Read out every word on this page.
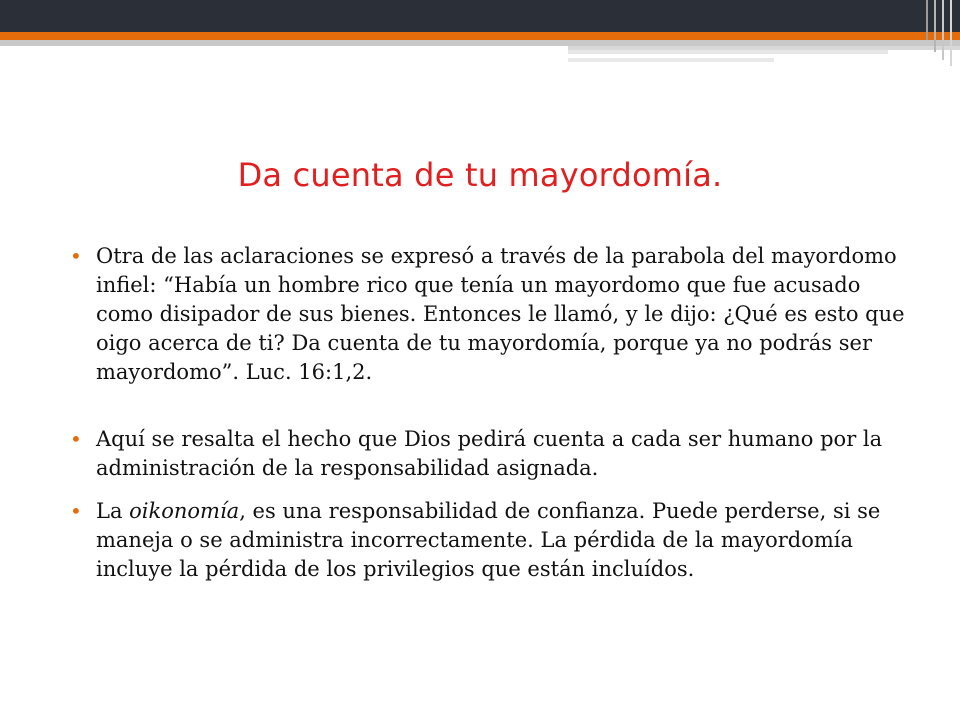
Da cuenta de tu mayordomía.
• Otra de las aclaraciones se expresó a través de la parabola del mayordomo infiel: “Había un hombre rico que tenía un mayordomo que fue acusado como disipador de sus bienes. Entonces le llamó, y le dijo: ¿Qué es esto que oigo acerca de ti? Da cuenta de tu mayordomía, porque ya no podrás ser mayordomo”. Luc. 16:1,2.
• Aquí se resalta el hecho que Dios pedirá cuenta a cada ser humano por la administración de la responsabilidad asignada.
• La oikonomía, es una responsabilidad de confianza. Puede perderse, si se maneja o se administra incorrectamente. La pérdida de la mayordomía incluye la pérdida de los privilegios que están incluídos.
